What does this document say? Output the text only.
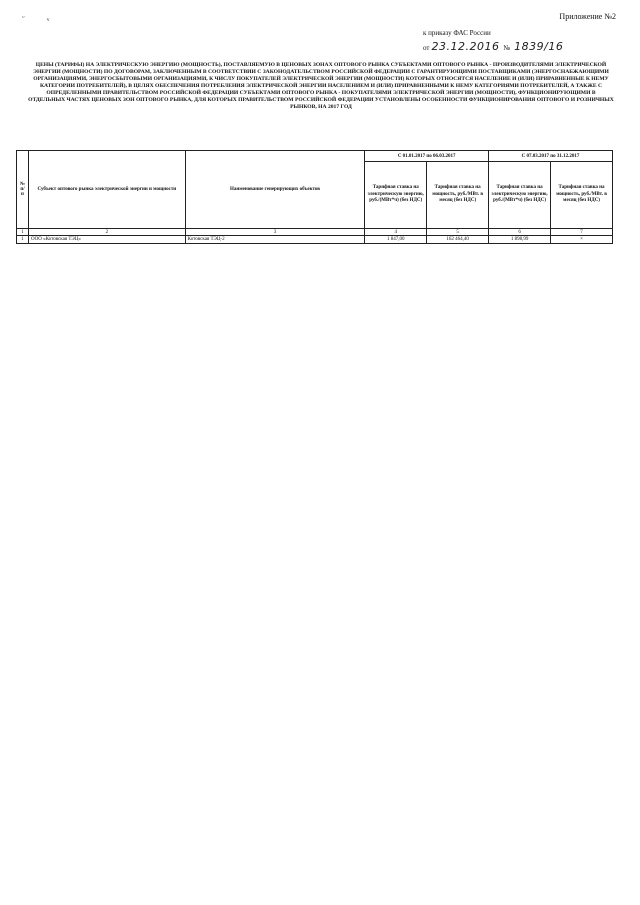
ᵕ ᵥ	Приложение №2
к приказу ФАС России
от 23.12.2016 № 1839/16
ЦЕНЫ (ТАРИФЫ) НА ЭЛЕКТРИЧЕСКУЮ ЭНЕРГИЮ (МОЩНОСТЬ), ПОСТАВЛЯЕМУЮ В ЦЕНОВЫХ ЗОНАХ ОПТОВОГО РЫНКА СУБЪЕКТАМИ ОПТОВОГО РЫНКА - ПРОИЗВОДИТЕЛЯМИ ЭЛЕКТРИЧЕСКОЙ ЭНЕРГИИ (МОЩНОСТИ) ПО ДОГОВОРАМ, ЗАКЛЮЧЕННЫМ В СООТВЕТСТВИИ С ЗАКОНОДАТЕЛЬСТВОМ РОССИЙСКОЙ ФЕДЕРАЦИИ С ГАРАНТИРУЮЩИМИ ПОСТАВЩИКАМИ (ЭНЕРГОСНАБЖАЮЩИМИ ОРГАНИЗАЦИЯМИ, ЭНЕРГОСБЫТОВЫМИ ОРГАНИЗАЦИЯМИ, К ЧИСЛУ ПОКУПАТЕЛЕЙ ЭЛЕКТРИЧЕСКОЙ ЭНЕРГИИ (МОЩНОСТИ) КОТОРЫХ ОТНОСЯТСЯ НАСЕЛЕНИЕ И (ИЛИ) ПРИРАВНЕННЫЕ К НЕМУ КАТЕГОРИИ ПОТРЕБИТЕЛЕЙ), В ЦЕЛЯХ ОБЕСПЕЧЕНИЯ ПОТРЕБЛЕНИЯ ЭЛЕКТРИЧЕСКОЙ ЭНЕРГИИ НАСЕЛЕНИЕМ И (ИЛИ) ПРИРАВНЕННЫМИ К НЕМУ КАТЕГОРИЯМИ ПОТРЕБИТЕЛЕЙ, А ТАКЖЕ С ОПРЕДЕЛЕННЫМИ ПРАВИТЕЛЬСТВОМ РОССИЙСКОЙ ФЕДЕРАЦИИ СУБЪЕКТАМИ ОПТОВОГО РЫНКА - ПОКУПАТЕЛЯМИ ЭЛЕКТРИЧЕСКОЙ ЭНЕРГИИ (МОЩНОСТИ), ФУНКЦИОНИРУЮЩИМИ В ОТДЕЛЬНЫХ ЧАСТЯХ ЦЕНОВЫХ ЗОН ОПТОВОГО РЫНКА, ДЛЯ КОТОРЫХ ПРАВИТЕЛЬСТВОМ РОССИЙСКОЙ ФЕДЕРАЦИИ УСТАНОВЛЕНЫ ОСОБЕННОСТИ ФУНКЦИОНИРОВАНИЯ ОПТОВОГО И РОЗНИЧНЫХ РЫНКОВ, НА 2017 ГОД
№ п/п	Субъект оптового рынка электрической энергии и мощности	Наименование генерирующих объектов	С 01.01.2017 по 06.03.2017		С 07.03.2017 по 31.12.2017	
			Тарифная ставка на электрическую энергию, руб./(МВт*ч) (без НДС)	Тарифная ставка на мощность, руб./МВт. в месяц (без НДС)	Тарифная ставка на электрическую энергию, руб./(МВт*ч) (без НДС)	Тарифная ставка на мощность, руб./МВт. в месяц (без НДС)
1	2	3	4	5	6	7
1	ООО «Котовская ТЭЦ»	Котовская ТЭЦ-2	1 847,00	162 464,40	1 898,99	×
